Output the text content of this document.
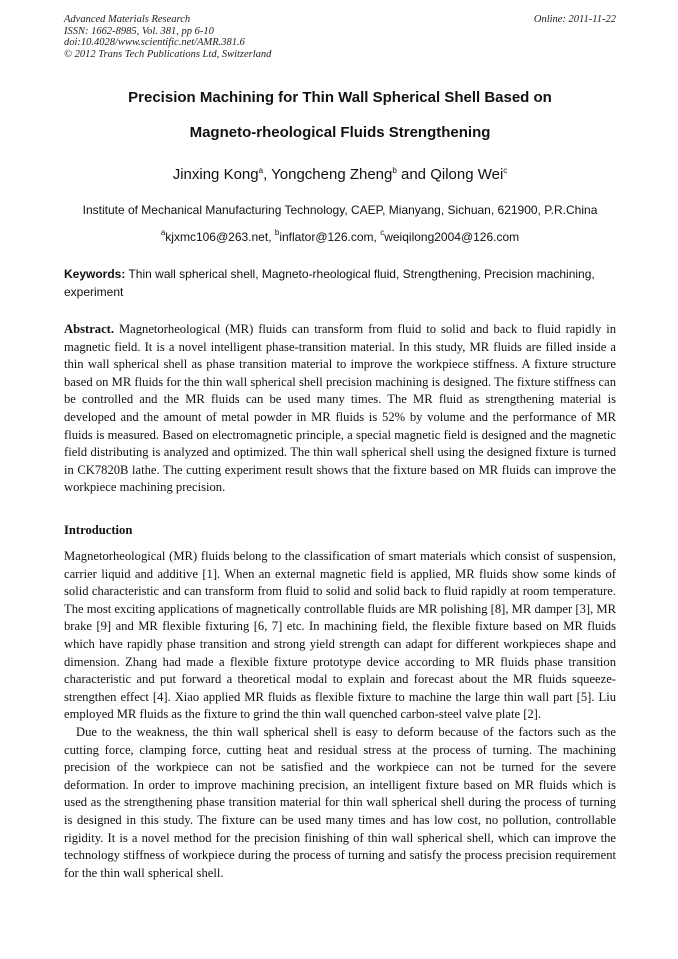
Advanced Materials Research	Online: 2011-11-22
ISSN: 1662-8985, Vol. 381, pp 6-10
doi:10.4028/www.scientific.net/AMR.381.6
© 2012 Trans Tech Publications Ltd, Switzerland
Precision Machining for Thin Wall Spherical Shell Based on
Magneto-rheological Fluids Strengthening
Jinxing Kong$^a$, Yongcheng Zheng$^b$ and Qilong Wei$^c$
Institute of Mechanical Manufacturing Technology, CAEP, Mianyang, Sichuan, 621900, P.R.China
$^a$kjxmc106@263.net, $^b$inflator@126.com, $^c$weiqilong2004@126.com
Keywords: Thin wall spherical shell, Magneto-rheological fluid, Strengthening, Precision machining, experiment
Abstract. Magnetorheological (MR) fluids can transform from fluid to solid and back to fluid rapidly in magnetic field. It is a novel intelligent phase-transition material. In this study, MR fluids are filled inside a thin wall spherical shell as phase transition material to improve the workpiece stiffness. A fixture structure based on MR fluids for the thin wall spherical shell precision machining is designed. The fixture stiffness can be controlled and the MR fluids can be used many times. The MR fluid as strengthening material is developed and the amount of metal powder in MR fluids is 52% by volume and the performance of MR fluids is measured. Based on electromagnetic principle, a special magnetic field is designed and the magnetic field distributing is analyzed and optimized. The thin wall spherical shell using the designed fixture is turned in CK7820B lathe. The cutting experiment result shows that the fixture based on MR fluids can improve the workpiece machining precision.
Introduction

Magnetorheological (MR) fluids belong to the classification of smart materials which consist of suspension, carrier liquid and additive [1]. When an external magnetic field is applied, MR fluids show some kinds of solid characteristic and can transform from fluid to solid and solid back to fluid rapidly at room temperature. The most exciting applications of magnetically controllable fluids are MR polishing [8], MR damper [3], MR brake [9] and MR flexible fixturing [6, 7] etc. In machining field, the flexible fixture based on MR fluids which have rapidly phase transition and strong yield strength can adapt for different workpieces shape and dimension. Zhang had made a flexible fixture prototype device according to MR fluids phase transition characteristic and put forward a theoretical modal to explain and forecast about the MR fluids squeeze-strengthen effect [4]. Xiao applied MR fluids as flexible fixture to machine the large thin wall part [5]. Liu employed MR fluids as the fixture to grind the thin wall quenched carbon-steel valve plate [2].

Due to the weakness, the thin wall spherical shell is easy to deform because of the factors such as the cutting force, clamping force, cutting heat and residual stress at the process of turning. The machining precision of the workpiece can not be satisfied and the workpiece can not be turned for the severe deformation. In order to improve machining precision, an intelligent fixture based on MR fluids which is used as the strengthening phase transition material for thin wall spherical shell during the process of turning is designed in this study. The fixture can be used many times and has low cost, no pollution, controllable rigidity. It is a novel method for the precision finishing of thin wall spherical shell, which can improve the technology stiffness of workpiece during the process of turning and satisfy the process precision requirement for the thin wall spherical shell.
